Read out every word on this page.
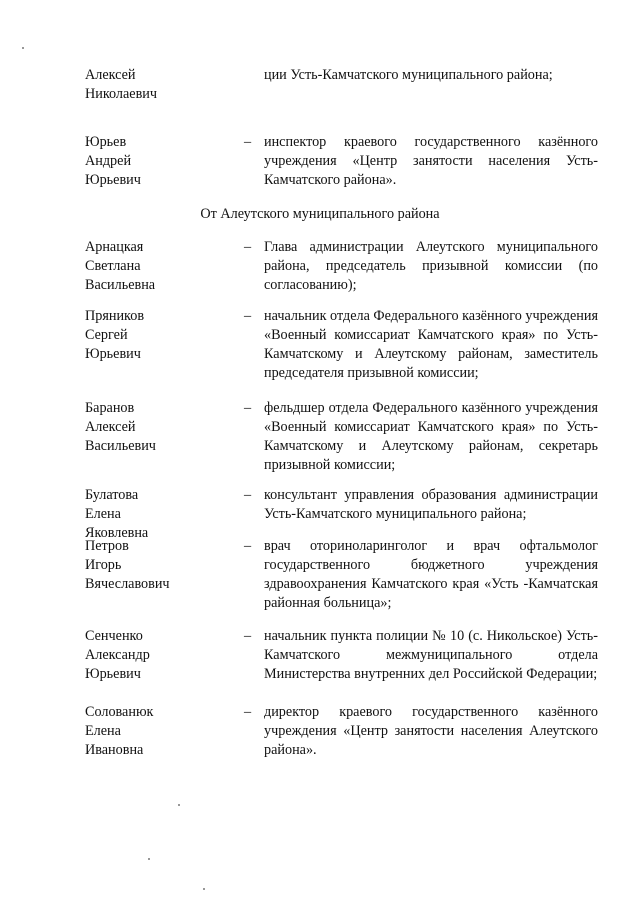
Алексей
Николаевич
ции Усть-Камчатского муниципального района;
Юрьев
Андрей
Юрьевич
– инспектор краевого государственного казённого учреждения «Центр занятости населения Усть-Камчатского района».
От Алеутского муниципального района
Арнацкая
Светлана
Васильевна
– Глава администрации Алеутского муниципального района, председатель призывной комиссии (по согласованию);
Пряников
Сергей
Юрьевич
– начальник отдела Федерального казённого учреждения «Военный комиссариат Камчатского края» по Усть-Камчатскому и Алеутскому районам, заместитель председателя призывной комиссии;
Баранов
Алексей
Васильевич
– фельдшер отдела Федерального казённого учреждения «Военный комиссариат Камчатского края» по Усть-Камчатскому и Алеутскому районам, секретарь призывной комиссии;
Булатова
Елена
Яковлевна
– консультант управления образования администрации Усть-Камчатского муниципального района;
Петров
Игорь
Вячеславович
– врач оториноларинголог и врач офтальмолог государственного бюджетного учреждения здравоохранения Камчатского края «Усть -Камчатская районная больница»;
Сенченко
Александр
Юрьевич
– начальник пункта полиции № 10 (с. Никольское) Усть-Камчатского межмуниципального отдела Министерства внутренних дел Российской Федерации;
Солованюк
Елена
Ивановна
– директор краевого государственного казённого учреждения «Центр занятости населения Алеутского района».
